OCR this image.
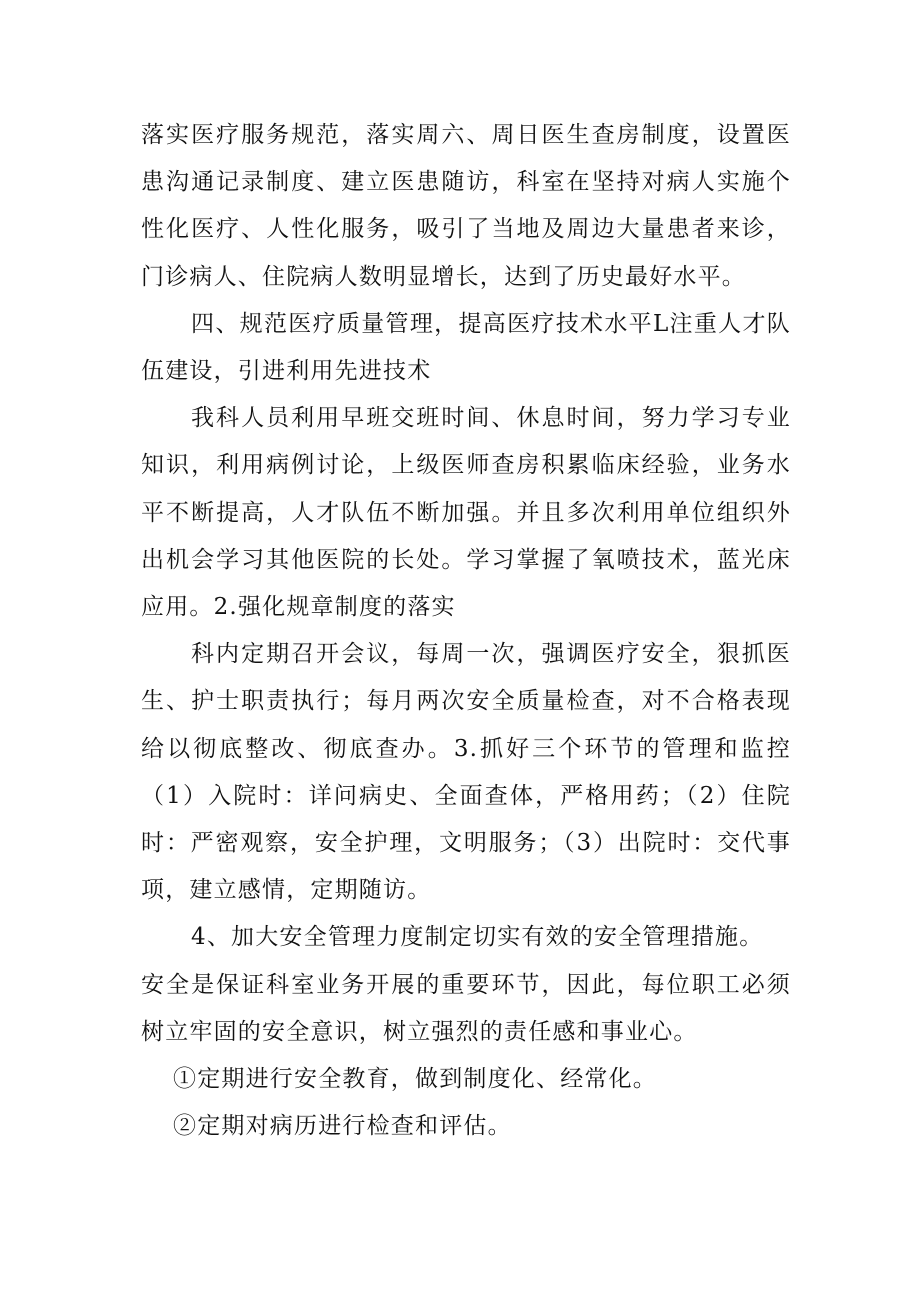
落实医疗服务规范，落实周六、周日医生查房制度，设置医患沟通记录制度、建立医患随访，科室在坚持对病人实施个性化医疗、人性化服务，吸引了当地及周边大量患者来诊，门诊病人、住院病人数明显增长，达到了历史最好水平。

四、规范医疗质量管理，提高医疗技术水平L注重人才队伍建设，引进利用先进技术

我科人员利用早班交班时间、休息时间，努力学习专业知识，利用病例讨论，上级医师查房积累临床经验，业务水平不断提高，人才队伍不断加强。并且多次利用单位组织外出机会学习其他医院的长处。学习掌握了氧喷技术，蓝光床应用。2.强化规章制度的落实

科内定期召开会议，每周一次，强调医疗安全，狠抓医生、护士职责执行；每月两次安全质量检查，对不合格表现给以彻底整改、彻底查办。3.抓好三个环节的管理和监控（1）入院时：详问病史、全面查体，严格用药；（2）住院时：严密观察，安全护理，文明服务；（3）出院时：交代事项，建立感情，定期随访。

4、加大安全管理力度制定切实有效的安全管理措施。

安全是保证科室业务开展的重要环节，因此，每位职工必须树立牢固的安全意识，树立强烈的责任感和事业心。

①定期进行安全教育，做到制度化、经常化。

②定期对病历进行检查和评估。
